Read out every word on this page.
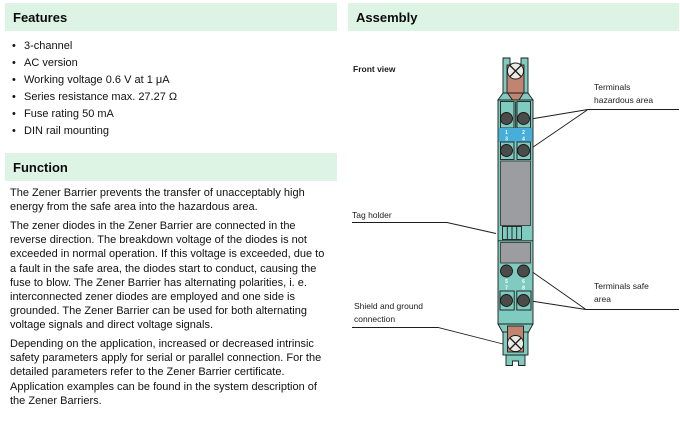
Features
• 3-channel
• AC version
• Working voltage 0.6 V at 1 μA
• Series resistance max. 27.27 Ω
• Fuse rating 50 mA
• DIN rail mounting
Function

The Zener Barrier prevents the transfer of unacceptably high energy from the safe area into the hazardous area.

The zener diodes in the Zener Barrier are connected in the reverse direction. The breakdown voltage of the diodes is not exceeded in normal operation. If this voltage is exceeded, due to a fault in the safe area, the diodes start to conduct, causing the fuse to blow. The Zener Barrier has alternating polarities, i. e. interconnected zener diodes are employed and one side is grounded. The Zener Barrier can be used for both alternating voltage signals and direct voltage signals.

Depending on the application, increased or decreased intrinsic safety parameters apply for serial or parallel connection. For the detailed parameters refer to the Zener Barrier certificate. Application examples can be found in the system description of the Zener Barriers.

Assembly
Front view
Terminals hazardous area
Tag holder
Terminals safe area
Shield and ground connection
1	2
3	4
5	6
7	8
